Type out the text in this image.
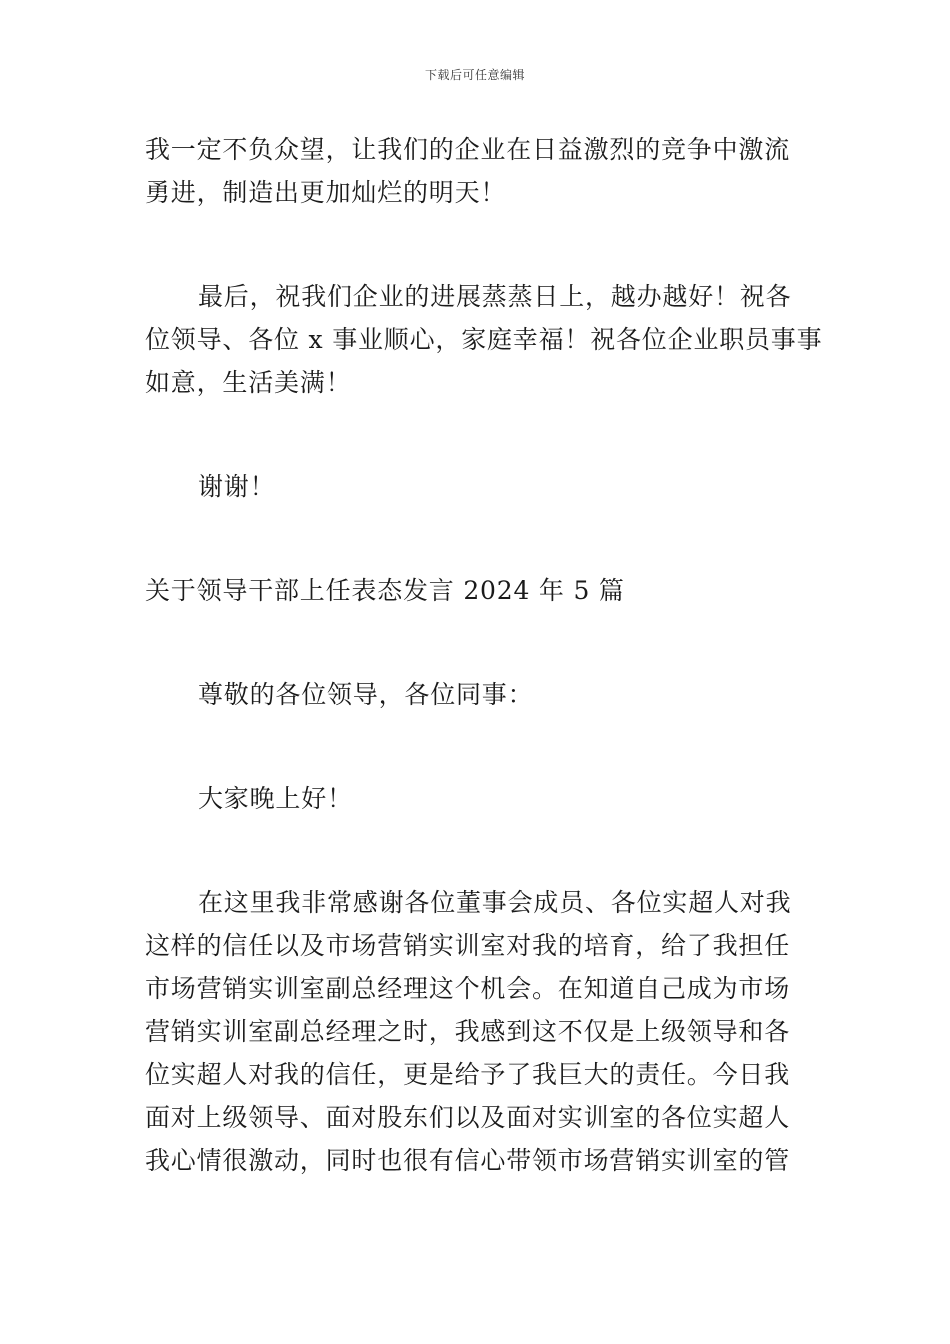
下载后可任意编辑
我一定不负众望，让我们的企业在日益激烈的竞争中激流
勇进，制造出更加灿烂的明天！
最后，祝我们企业的进展蒸蒸日上，越办越好！祝各
位领导、各位 x 事业顺心，家庭幸福！祝各位企业职员事事
如意，生活美满！
谢谢！
关于领导干部上任表态发言 2024 年 5 篇
尊敬的各位领导，各位同事：
大家晚上好！
在这里我非常感谢各位董事会成员、各位实超人对我
这样的信任以及市场营销实训室对我的培育，给了我担任
市场营销实训室副总经理这个机会。在知道自己成为市场
营销实训室副总经理之时，我感到这不仅是上级领导和各
位实超人对我的信任，更是给予了我巨大的责任。今日我
面对上级领导、面对股东们以及面对实训室的各位实超人
我心情很激动，同时也很有信心带领市场营销实训室的管
